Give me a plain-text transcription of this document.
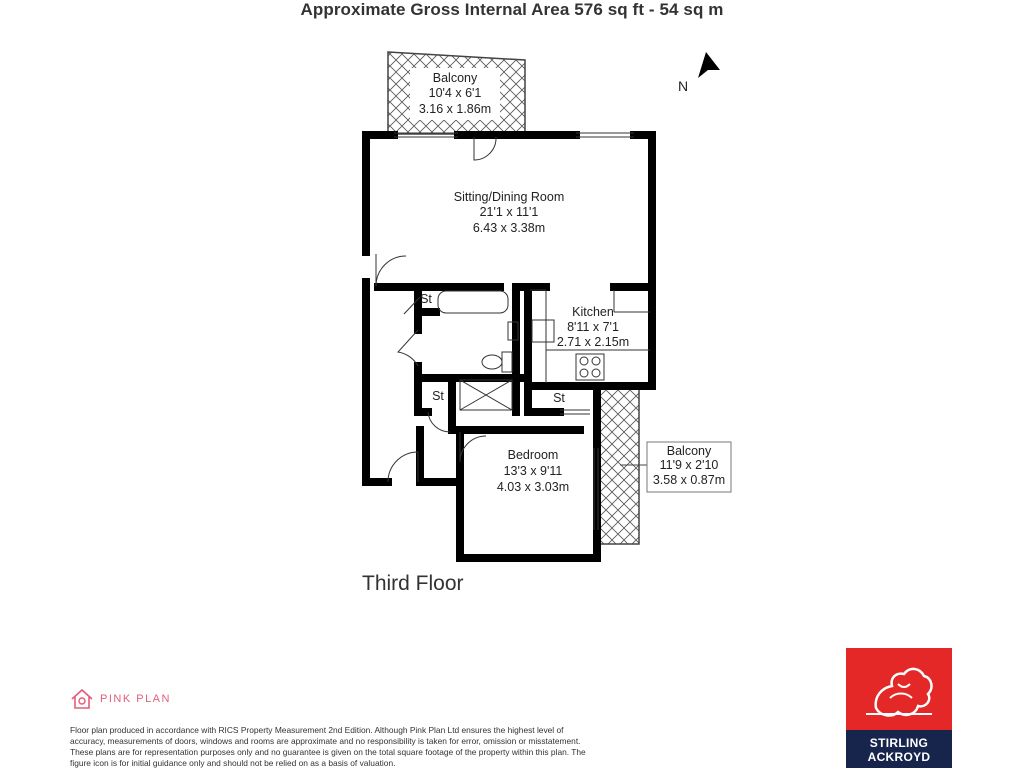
Approximate Gross Internal Area 576 sq ft - 54 sq m
Balcony
10'4 x 6'1
3.16 x 1.86m
Sitting/Dining Room
21'1 x 11'1
6.43 x 3.38m
Kitchen
8'11 x 7'1
2.71 x 2.15m
Bedroom
13'3 x 9'11
4.03 x 3.03m
Balcony
11'9 x 2'10
3.58 x 0.87m
St
St	St
N
Third Floor
PINK PLAN
Floor plan produced in accordance with RICS Property Measurement 2nd Edition. Although Pink Plan Ltd ensures the highest level of accuracy, measurements of doors, windows and rooms are approximate and no responsibility is taken for error, omission or misstatement. These plans are for representation purposes only and no guarantee is given on the total square footage of the property within this plan. The figure icon is for initial guidance only and should not be relied on as a basis of valuation.
STIRLING
ACKROYD
